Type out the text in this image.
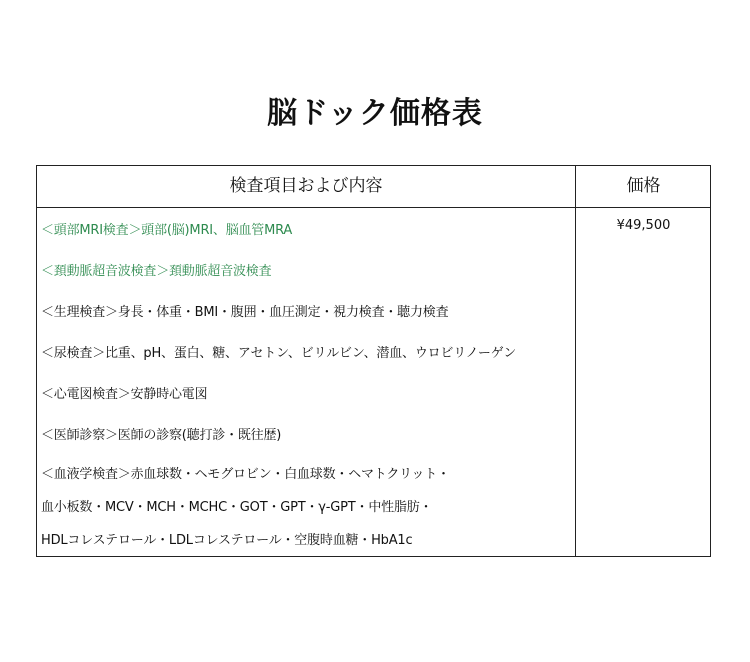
脳ドック価格表
検査項目および内容	価格
＜頭部MRI検査＞頭部(脳)MRI、脳血管MRA
＜頚動脈超音波検査＞頚動脈超音波検査
＜生理検査＞身長・体重・BMI・腹囲・血圧測定・視力検査・聴力検査
＜尿検査＞比重、pH、蛋白、糖、アセトン、ビリルビン、潜血、ウロビリノーゲン
＜心電図検査＞安静時心電図
＜医師診察＞医師の診察(聴打診・既往歴)
＜血液学検査＞赤血球数・ヘモグロビン・白血球数・ヘマトクリット・
血小板数・MCV・MCH・MCHC・GOT・GPT・γ-GPT・中性脂肪・
HDLコレステロール・LDLコレステロール・空腹時血糖・HbA1c
¥49,500
